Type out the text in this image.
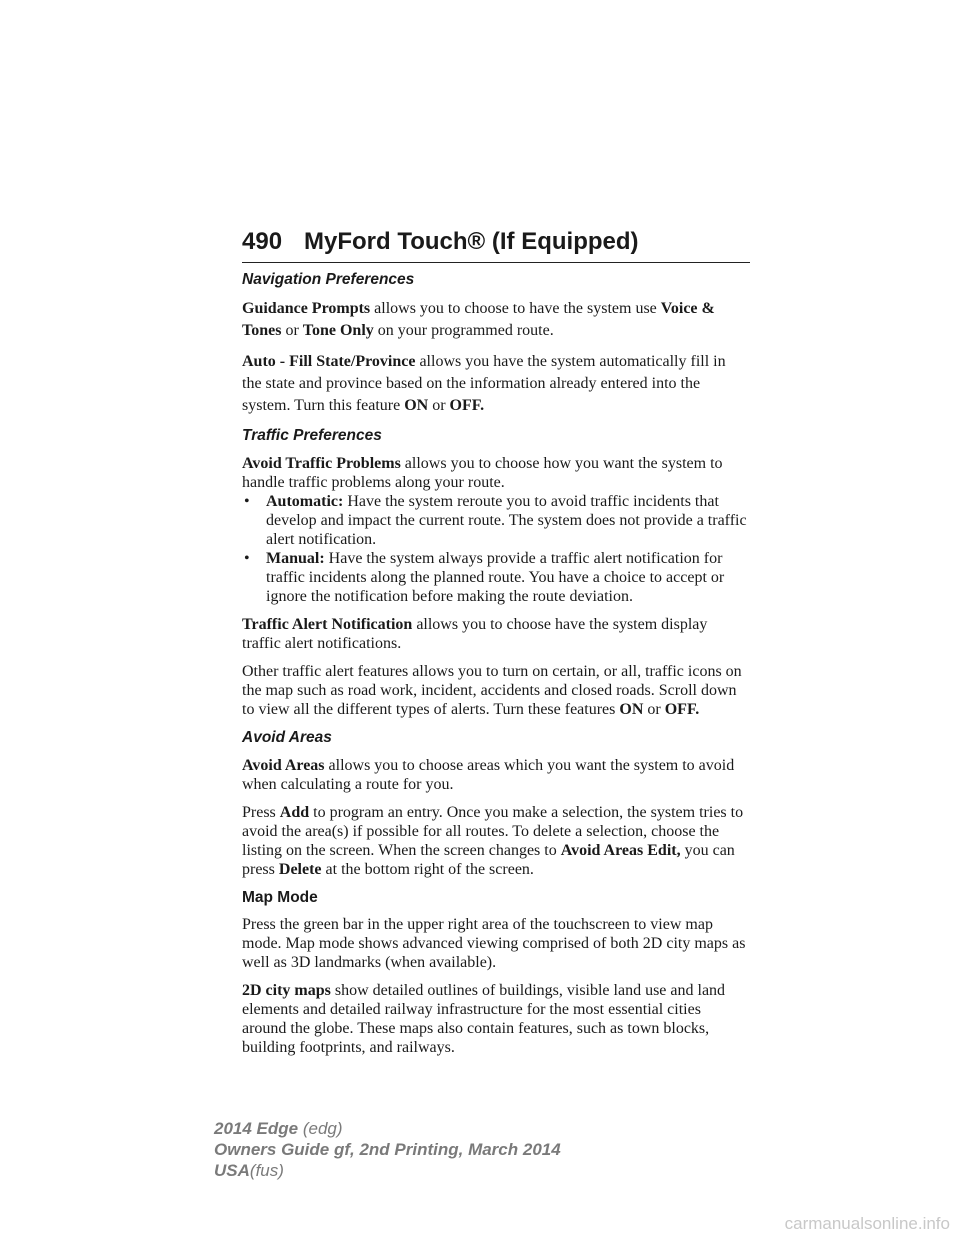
490 MyFord Touch® (If Equipped)
Navigation Preferences

Guidance Prompts allows you to choose to have the system use Voice & Tones or Tone Only on your programmed route.

Auto - Fill State/Province allows you have the system automatically fill in the state and province based on the information already entered into the system. Turn this feature ON or OFF.

Traffic Preferences

Avoid Traffic Problems allows you to choose how you want the system to handle traffic problems along your route.

• Automatic: Have the system reroute you to avoid traffic incidents that develop and impact the current route. The system does not provide a traffic alert notification.
• Manual: Have the system always provide a traffic alert notification for traffic incidents along the planned route. You have a choice to accept or ignore the notification before making the route deviation.

Traffic Alert Notification allows you to choose have the system display traffic alert notifications.

Other traffic alert features allows you to turn on certain, or all, traffic icons on the map such as road work, incident, accidents and closed roads. Scroll down to view all the different types of alerts. Turn these features ON or OFF.

Avoid Areas

Avoid Areas allows you to choose areas which you want the system to avoid when calculating a route for you.

Press Add to program an entry. Once you make a selection, the system tries to avoid the area(s) if possible for all routes. To delete a selection, choose the listing on the screen. When the screen changes to Avoid Areas Edit, you can press Delete at the bottom right of the screen.

Map Mode

Press the green bar in the upper right area of the touchscreen to view map mode. Map mode shows advanced viewing comprised of both 2D city maps as well as 3D landmarks (when available).

2D city maps show detailed outlines of buildings, visible land use and land elements and detailed railway infrastructure for the most essential cities around the globe. These maps also contain features, such as town blocks, building footprints, and railways.

2014 Edge (edg)
Owners Guide gf, 2nd Printing, March 2014
USA(fus)
carmanualsonline.info
